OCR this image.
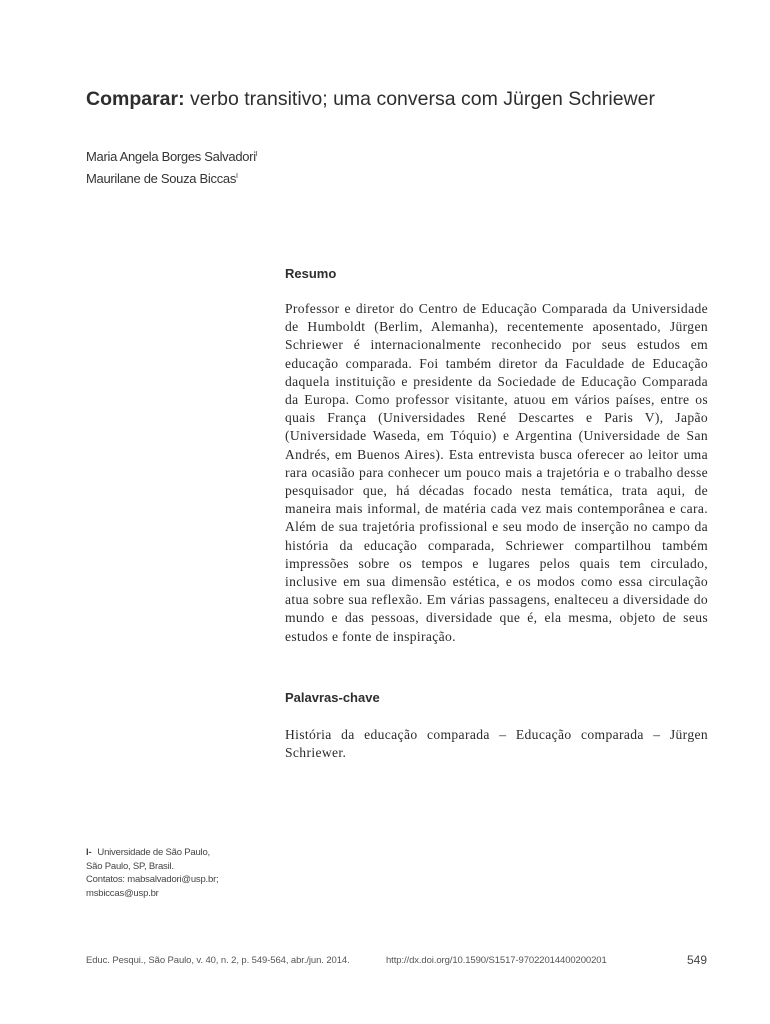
Comparar: verbo transitivo; uma conversa com Jürgen Schriewer
Maria Angela Borges Salvadori$^I$
Maurilane de Souza Biccas$^I$
Resumo
Professor e diretor do Centro de Educação Comparada da Universidade de Humboldt (Berlim, Alemanha), recentemente aposentado, Jürgen Schriewer é internacionalmente reconhecido por seus estudos em educação comparada. Foi também diretor da Faculdade de Educação daquela instituição e presidente da Sociedade de Educação Comparada da Europa. Como professor visitante, atuou em vários países, entre os quais França (Universidades René Descartes e Paris V), Japão (Universidade Waseda, em Tóquio) e Argentina (Universidade de San Andrés, em Buenos Aires). Esta entrevista busca oferecer ao leitor uma rara ocasião para conhecer um pouco mais a trajetória e o trabalho desse pesquisador que, há décadas focado nesta temática, trata aqui, de maneira mais informal, de matéria cada vez mais contemporânea e cara. Além de sua trajetória profissional e seu modo de inserção no campo da história da educação comparada, Schriewer compartilhou também impressões sobre os tempos e lugares pelos quais tem circulado, inclusive em sua dimensão estética, e os modos como essa circulação atua sobre sua reflexão. Em várias passagens, enalteceu a diversidade do mundo e das pessoas, diversidade que é, ela mesma, objeto de seus estudos e fonte de inspiração.
Palavras-chave
História da educação comparada – Educação comparada – Jürgen Schriewer.
I- Universidade de São Paulo,
São Paulo, SP, Brasil.
Contatos: mabsalvadori@usp.br;
msbiccas@usp.br
Educ. Pesqui., São Paulo, v. 40, n. 2, p. 549-564, abr./jun. 2014.	http://dx.doi.org/10.1590/S1517-97022014400200201	549
